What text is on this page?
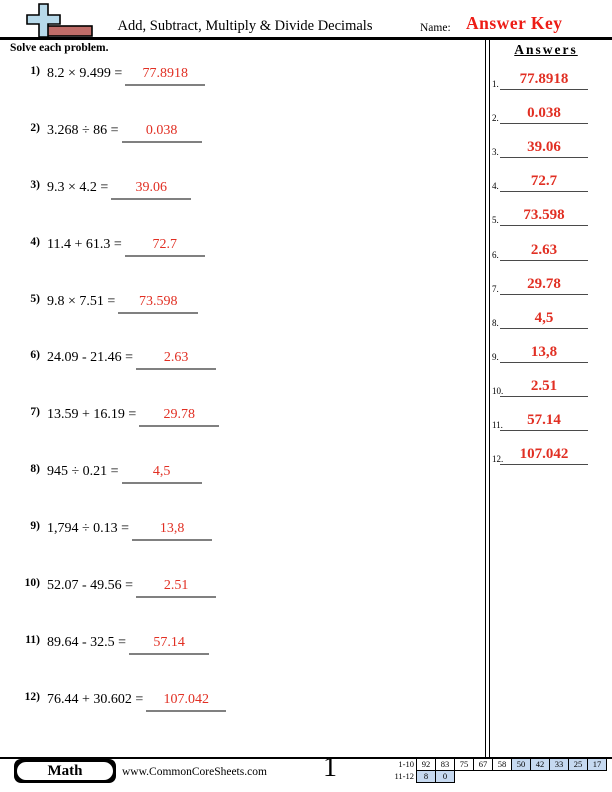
Add, Subtract, Multiply & Divide Decimals	Name: Answer Key
Solve each problem.	Answers
1.	77.8918
2.	0.038
3.	39.06
4.	72.7
5.	73.598
6.	2.63
7.	29.78
8.	4,5
9.	13,8
10.	2.51
11.	57.14
12.	107.042
1) 8.2 × 9.499 = 77.8918
2) 3.268 ÷ 86 = 0.038
3) 9.3 × 4.2 = 39.06
4) 11.4 + 61.3 = 72.7
5) 9.8 × 7.51 = 73.598
6) 24.09 - 21.46 = 2.63
7) 13.59 + 16.19 = 29.78
8) 945 ÷ 0.21 = 4,5
9) 1,794 ÷ 0.13 = 13,8
10) 52.07 - 49.56 = 2.51
11) 89.64 - 32.5 = 57.14
12) 76.44 + 30.602 = 107.042
Math	www.CommonCoreSheets.com	1	1-10 92	83	75	67	58	50	42	33	25	17
11-12	8	0
